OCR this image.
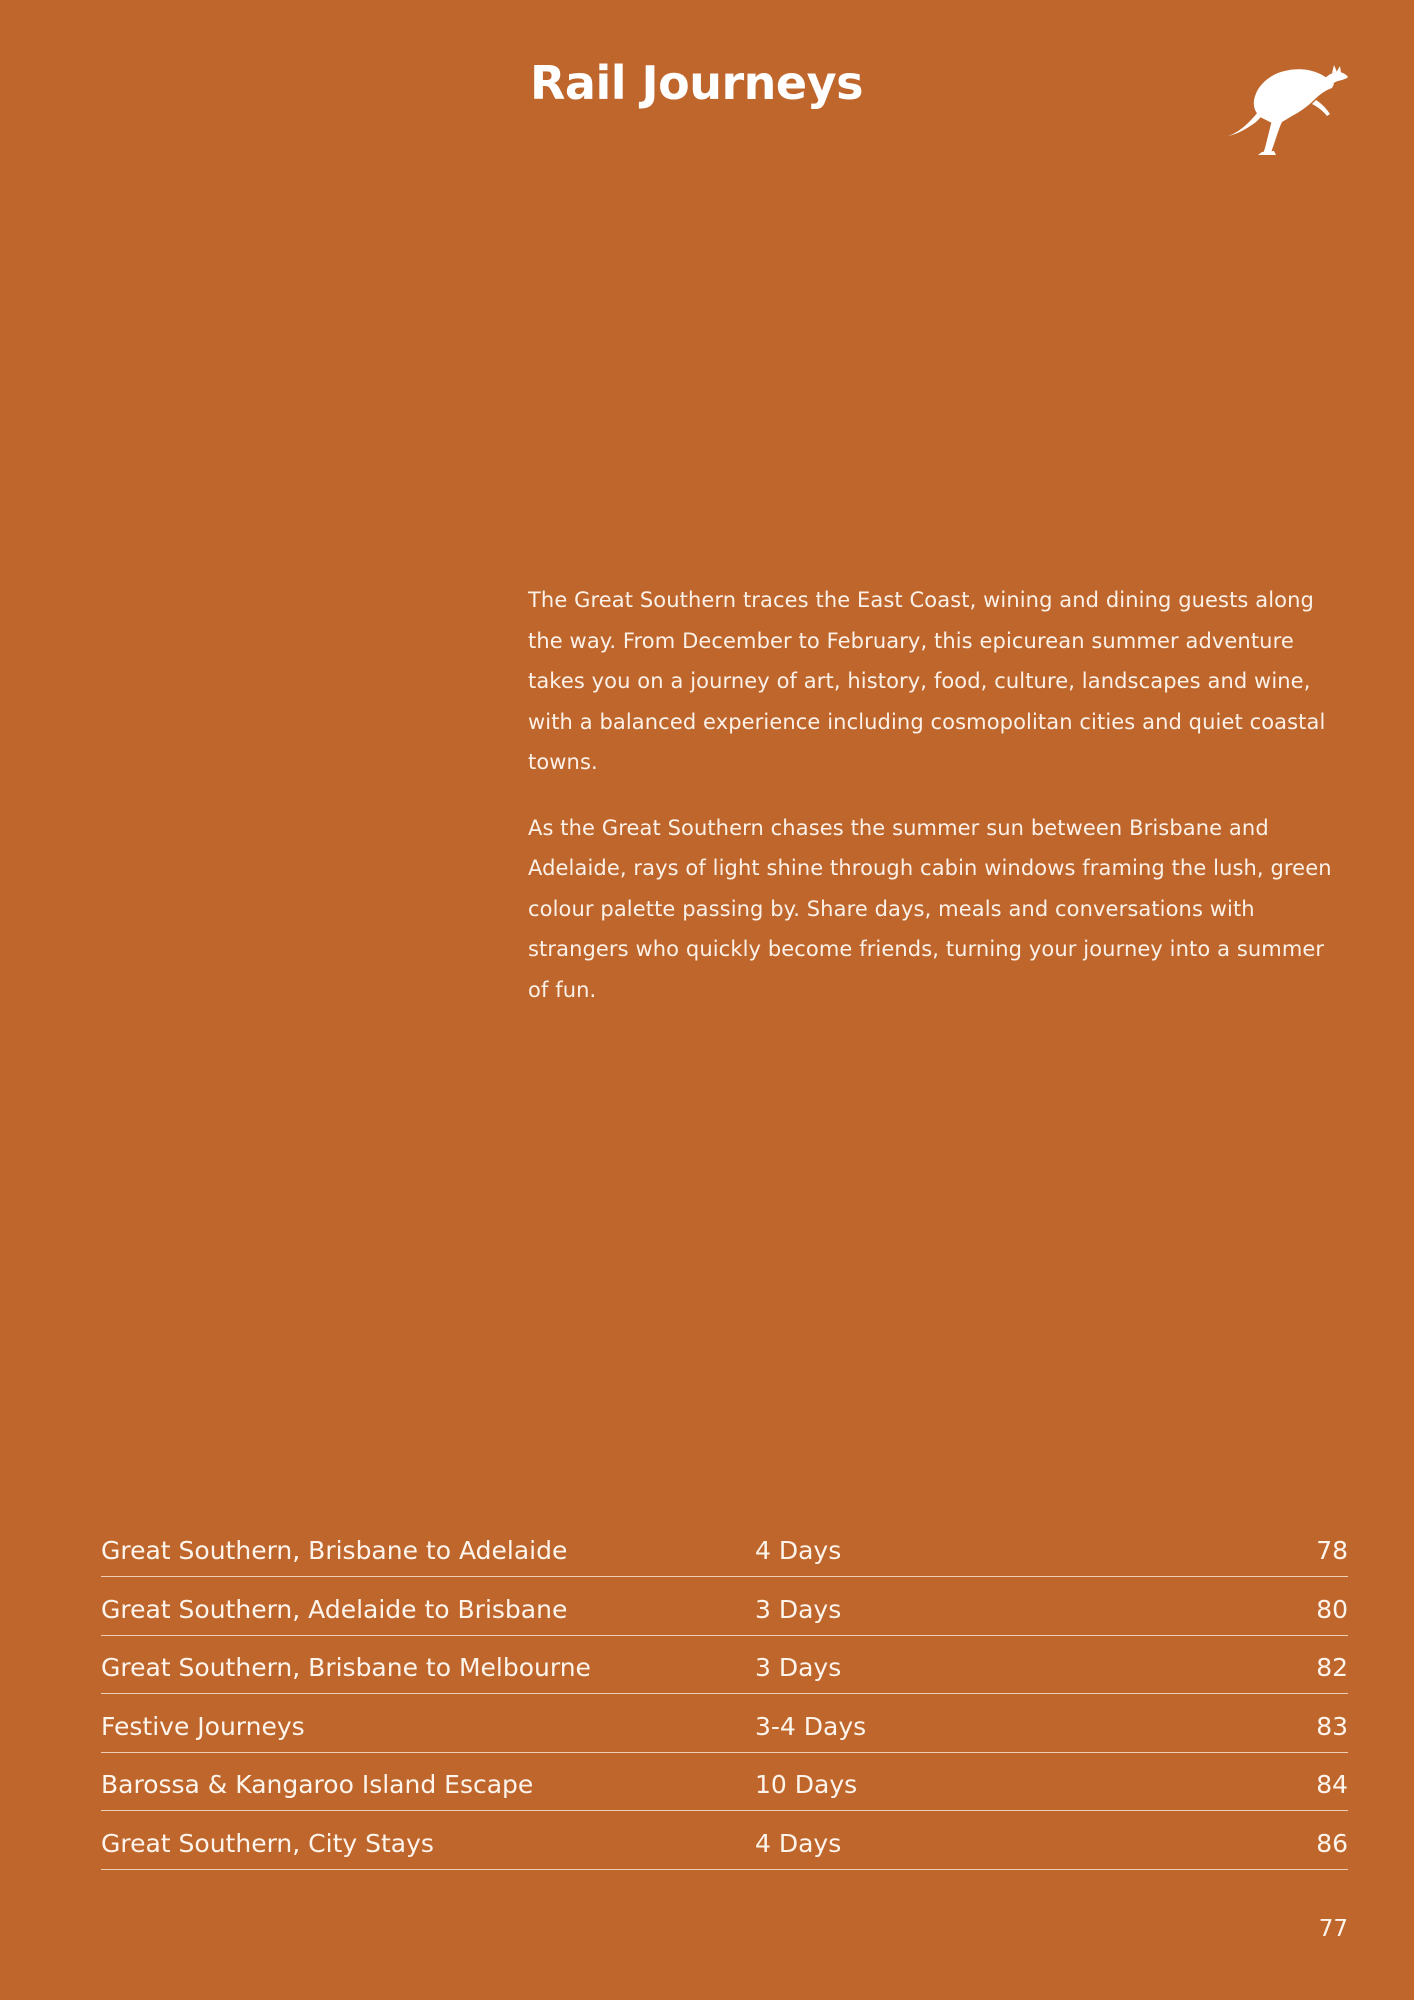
Rail Journeys

The Great Southern traces the East Coast, wining and dining guests along the way. From December to February, this epicurean summer adventure takes you on a journey of art, history, food, culture, landscapes and wine, with a balanced experience including cosmopolitan cities and quiet coastal towns.

As the Great Southern chases the summer sun between Brisbane and Adelaide, rays of light shine through cabin windows framing the lush, green colour palette passing by. Share days, meals and conversations with strangers who quickly become friends, turning your journey into a summer of fun.

Great Southern, Brisbane to Adelaide	4 Days	78
Great Southern, Adelaide to Brisbane	3 Days	80
Great Southern, Brisbane to Melbourne	3 Days	82
Festive Journeys	3-4 Days	83
Barossa & Kangaroo Island Escape	10 Days	84
Great Southern, City Stays	4 Days	86
77
